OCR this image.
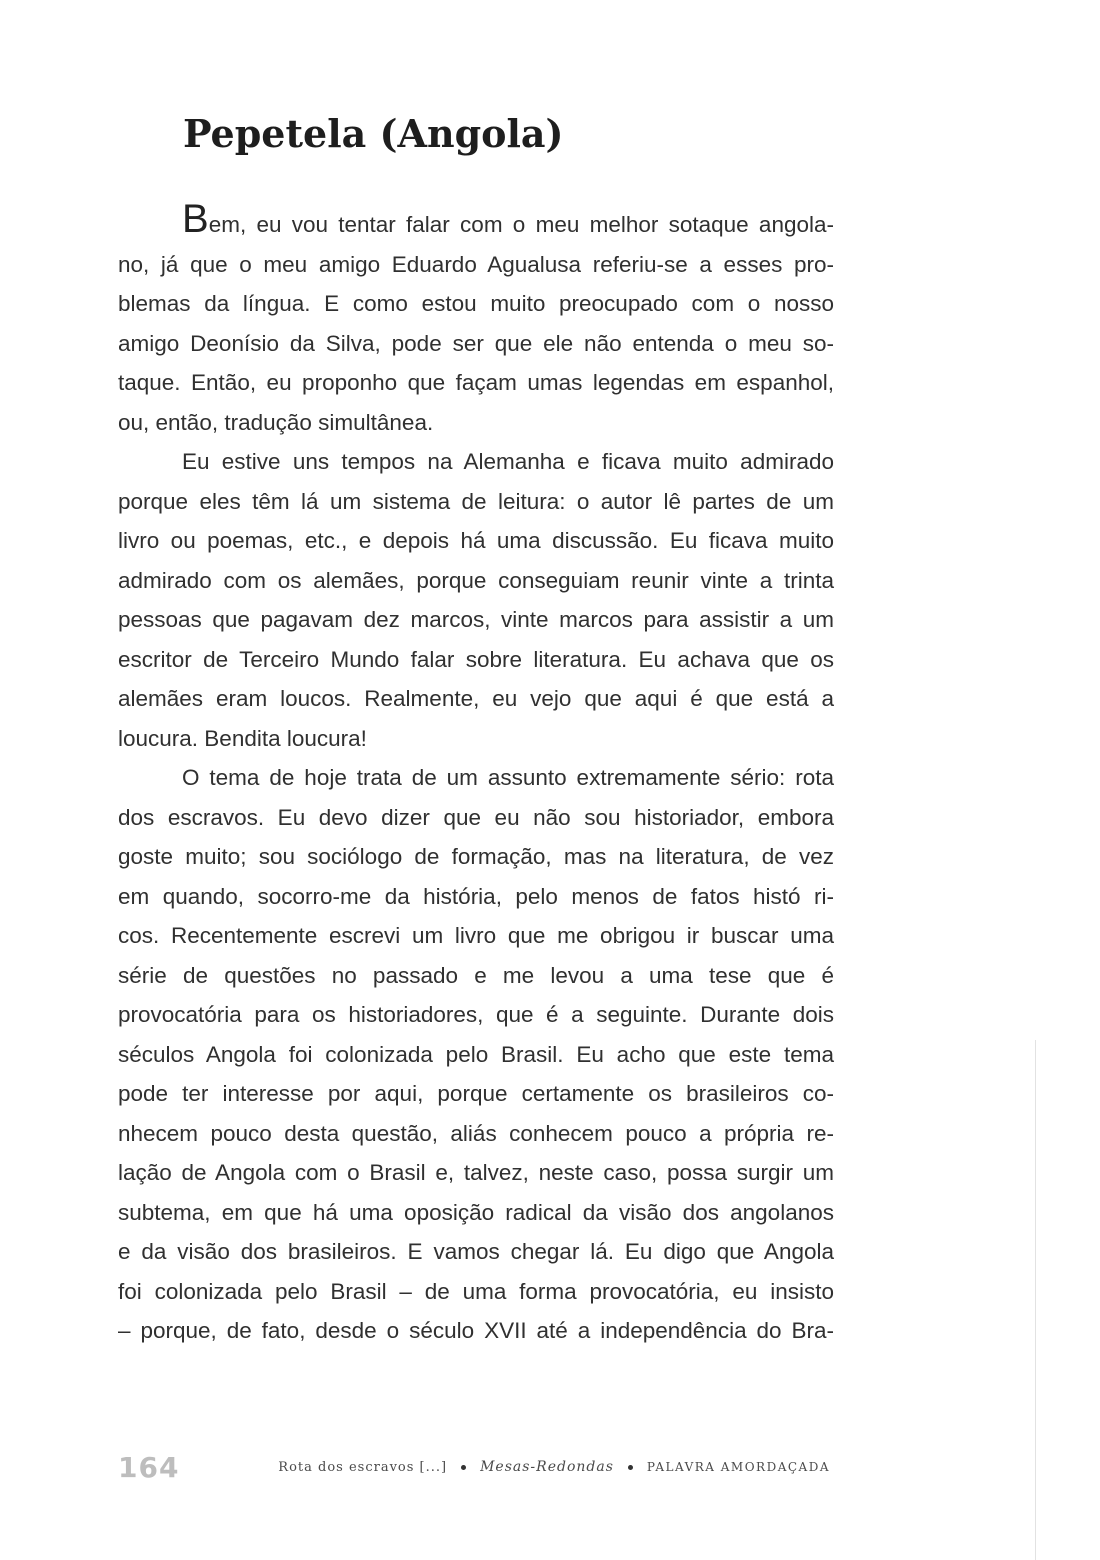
Pepetela (Angola)
Bem, eu vou tentar falar com o meu melhor sotaque angola-
no, já que o meu amigo Eduardo Agualusa referiu-se a esses pro-
blemas da língua. E como estou muito preocupado com o nosso
amigo Deonísio da Silva, pode ser que ele não entenda o meu so-
taque. Então, eu proponho que façam umas legendas em espanhol,
ou, então, tradução simultânea.
Eu estive uns tempos na Alemanha e ficava muito admirado
porque eles têm lá um sistema de leitura: o autor lê partes de um
livro ou poemas, etc., e depois há uma discussão. Eu ficava muito
admirado com os alemães, porque conseguiam reunir vinte a trinta
pessoas que pagavam dez marcos, vinte marcos para assistir a um
escritor de Terceiro Mundo falar sobre literatura. Eu achava que os
alemães eram loucos. Realmente, eu vejo que aqui é que está a
loucura. Bendita loucura!
O tema de hoje trata de um assunto extremamente sério: rota
dos escravos. Eu devo dizer que eu não sou historiador, embora
goste muito; sou sociólogo de formação, mas na literatura, de vez
em quando, socorro-me da história, pelo menos de fatos histó ri-
cos. Recentemente escrevi um livro que me obrigou ir buscar uma
série de questões no passado e me levou a uma tese que é
provocatória para os historiadores, que é a seguinte. Durante dois
séculos Angola foi colonizada pelo Brasil. Eu acho que este tema
pode ter interesse por aqui, porque certamente os brasileiros co-
nhecem pouco desta questão, aliás conhecem pouco a própria re-
lação de Angola com o Brasil e, talvez, neste caso, possa surgir um
subtema, em que há uma oposição radical da visão dos angolanos
e da visão dos brasileiros. E vamos chegar lá. Eu digo que Angola
foi colonizada pelo Brasil – de uma forma provocatória, eu insisto
– porque, de fato, desde o século XVII até a independência do Bra-
164	Rota dos escravos [...] Mesas-Redondas	PALAVRA AMORDAÇADA
